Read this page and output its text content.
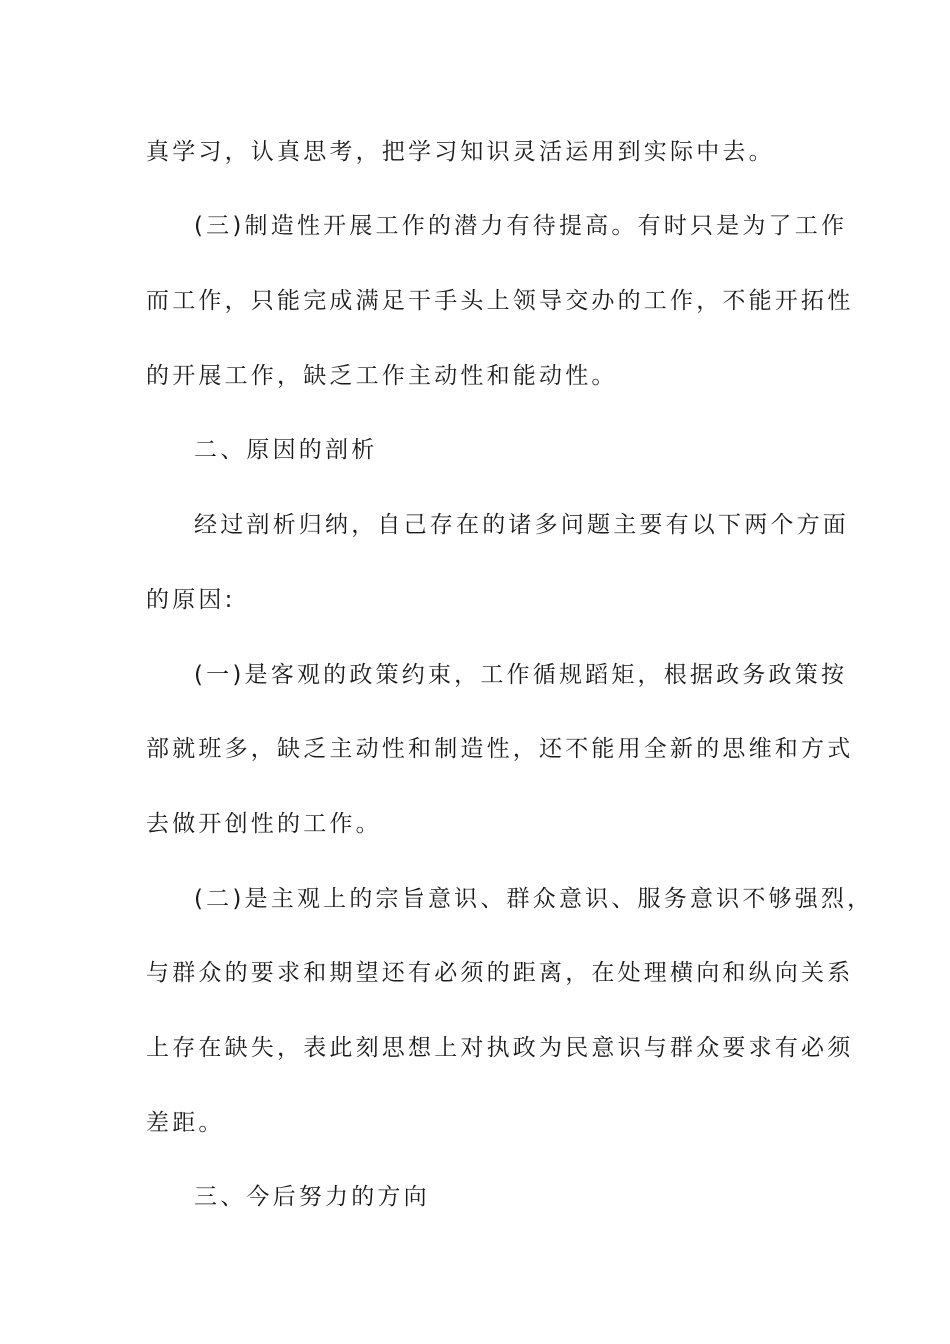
真学习，认真思考，把学习知识灵活运用到实际中去。
(三)制造性开展工作的潜力有待提高。有时只是为了工作
而工作，只能完成满足干手头上领导交办的工作，不能开拓性
的开展工作，缺乏工作主动性和能动性。
二、原因的剖析
经过剖析归纳，自己存在的诸多问题主要有以下两个方面
的原因:
(一)是客观的政策约束，工作循规蹈矩，根据政务政策按
部就班多，缺乏主动性和制造性，还不能用全新的思维和方式
去做开创性的工作。
(二)是主观上的宗旨意识、群众意识、服务意识不够强烈，
与群众的要求和期望还有必须的距离，在处理横向和纵向关系
上存在缺失，表此刻思想上对执政为民意识与群众要求有必须
差距。
三、今后努力的方向
